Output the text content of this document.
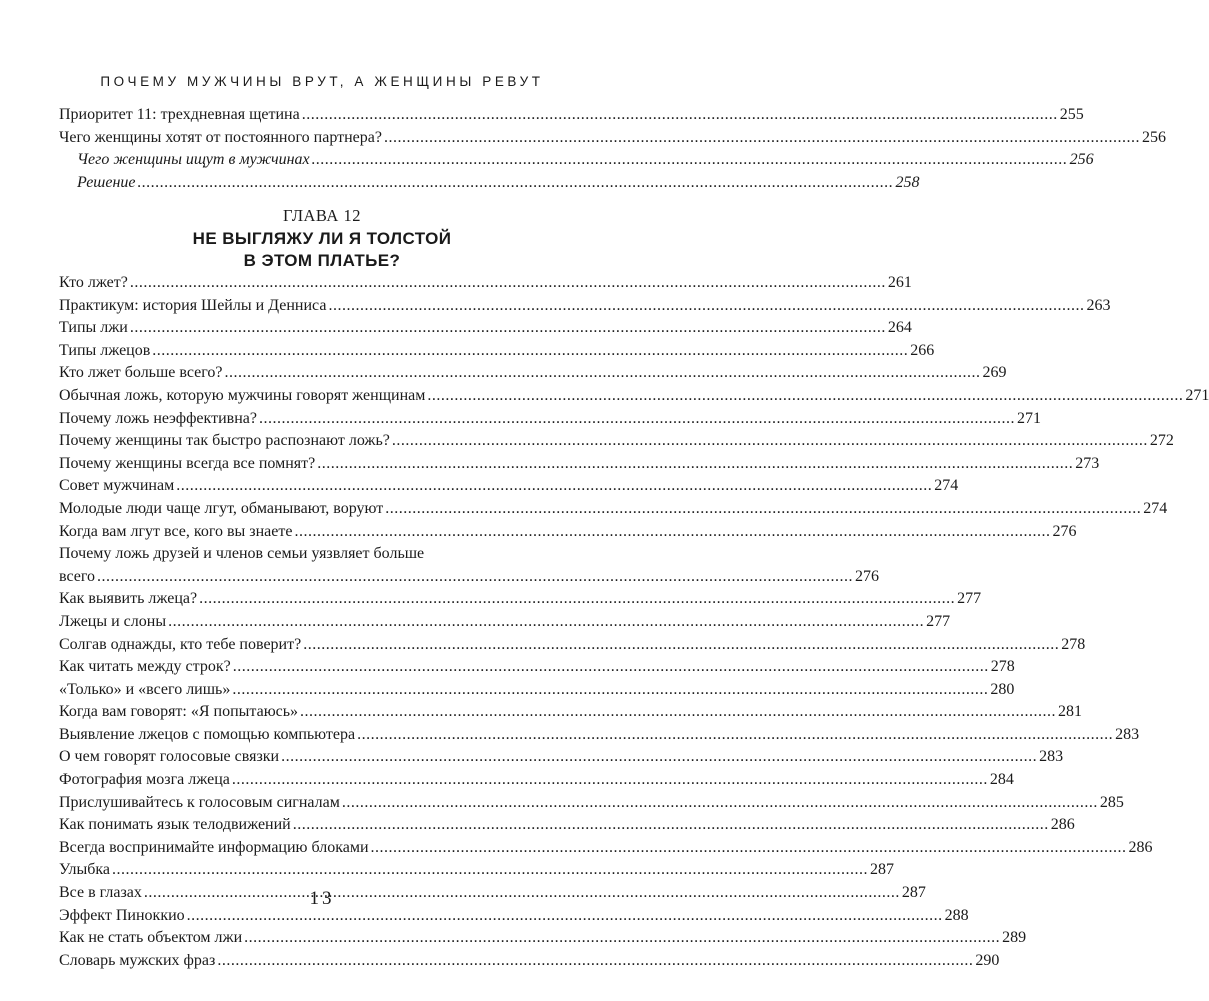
ПОЧЕМУ МУЖЧИНЫ ВРУТ, А ЖЕНЩИНЫ РЕВУТ
Приоритет 11: трехдневная щетина .....	255
Чего женщины хотят от постоянного партнера? .....	256
Чего женщины ищут в мужчинах .....	256
Решение .....	258
ГЛАВА 12
НЕ ВЫГЛЯЖУ ЛИ Я ТОЛСТОЙ
В ЭТОМ ПЛАТЬЕ?
Кто лжет? .....	261
Практикум: история Шейлы и Денниса .....	263
Типы лжи .....	264
Типы лжецов .....	266
Кто лжет больше всего? .....	269
Обычная ложь, которую мужчины говорят женщинам .....	271
Почему ложь неэффективна? .....	271
Почему женщины так быстро распознают ложь? .....	272
Почему женщины всегда все помнят? .....	273
Совет мужчинам .....	274
Молодые люди чаще лгут, обманывают, воруют .....	274
Когда вам лгут все, кого вы знаете .....	276
Почему ложь друзей и членов семьи уязвляет больше
всего .....	276
Как выявить лжеца? .....	277
Лжецы и слоны .....	277
Солгав однажды, кто тебе поверит? .....	278
Как читать между строк? .....	278
«Только» и «всего лишь» .....	280
Когда вам говорят: «Я попытаюсь» .....	281
Выявление лжецов с помощью компьютера .....	283
О чем говорят голосовые связки .....	283
Фотография мозга лжеца .....	284
Прислушивайтесь к голосовым сигналам .....	285
Как понимать язык телодвижений .....	286
Всегда воспринимайте информацию блоками .....	286
Улыбка .....	287
Все в глазах .....	287
Эффект Пиноккио .....	288
Как не стать объектом лжи .....	289
Словарь мужских фраз .....	290
13
